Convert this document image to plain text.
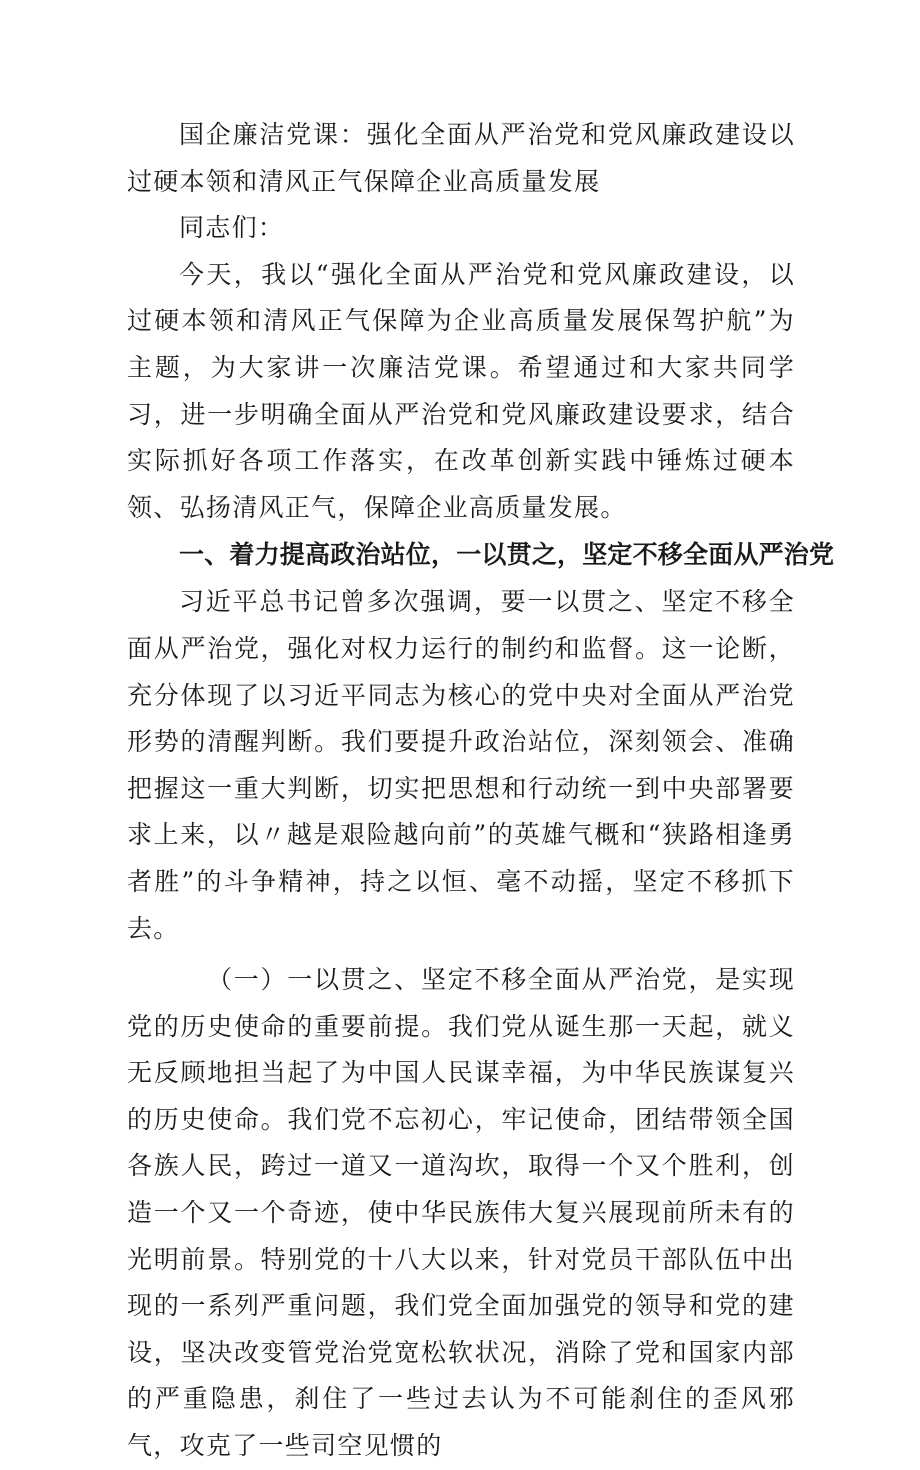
国企廉洁党课：强化全面从严治党和党风廉政建设以过硬本领和清风正气保障企业高质量发展

同志们：

今天，我以“强化全面从严治党和党风廉政建设，以过硬本领和清风正气保障为企业高质量发展保驾护航”为主题，为大家讲一次廉洁党课。希望通过和大家共同学习，进一步明确全面从严治党和党风廉政建设要求，结合实际抓好各项工作落实，在改革创新实践中锤炼过硬本领、弘扬清风正气，保障企业高质量发展。

一、着力提高政治站位，一以贯之，坚定不移全面从严治党

习近平总书记曾多次强调，要一以贯之、坚定不移全面从严治党，强化对权力运行的制约和监督。这一论断，充分体现了以习近平同志为核心的党中央对全面从严治党形势的清醒判断。我们要提升政治站位，深刻领会、准确把握这一重大判断，切实把思想和行动统一到中央部署要求上来，以〃越是艰险越向前”的英雄气概和“狭路相逢勇者胜”的斗争精神，持之以恒、毫不动摇，坚定不移抓下去。

（一）一以贯之、坚定不移全面从严治党，是实现党的历史使命的重要前提。我们党从诞生那一天起，就义无反顾地担当起了为中国人民谋幸福，为中华民族谋复兴的历史使命。我们党不忘初心，牢记使命，团结带领全国各族人民，跨过一道又一道沟坎，取得一个又个胜利，创造一个又一个奇迹，使中华民族伟大复兴展现前所未有的光明前景。特别党的十八大以来，针对党员干部队伍中出现的一系列严重问题，我们党全面加强党的领导和党的建设，坚决改变管党治党宽松软状况，消除了党和国家内部的严重隐患，刹住了一些过去认为不可能刹住的歪风邪气，攻克了一些司空见惯的
